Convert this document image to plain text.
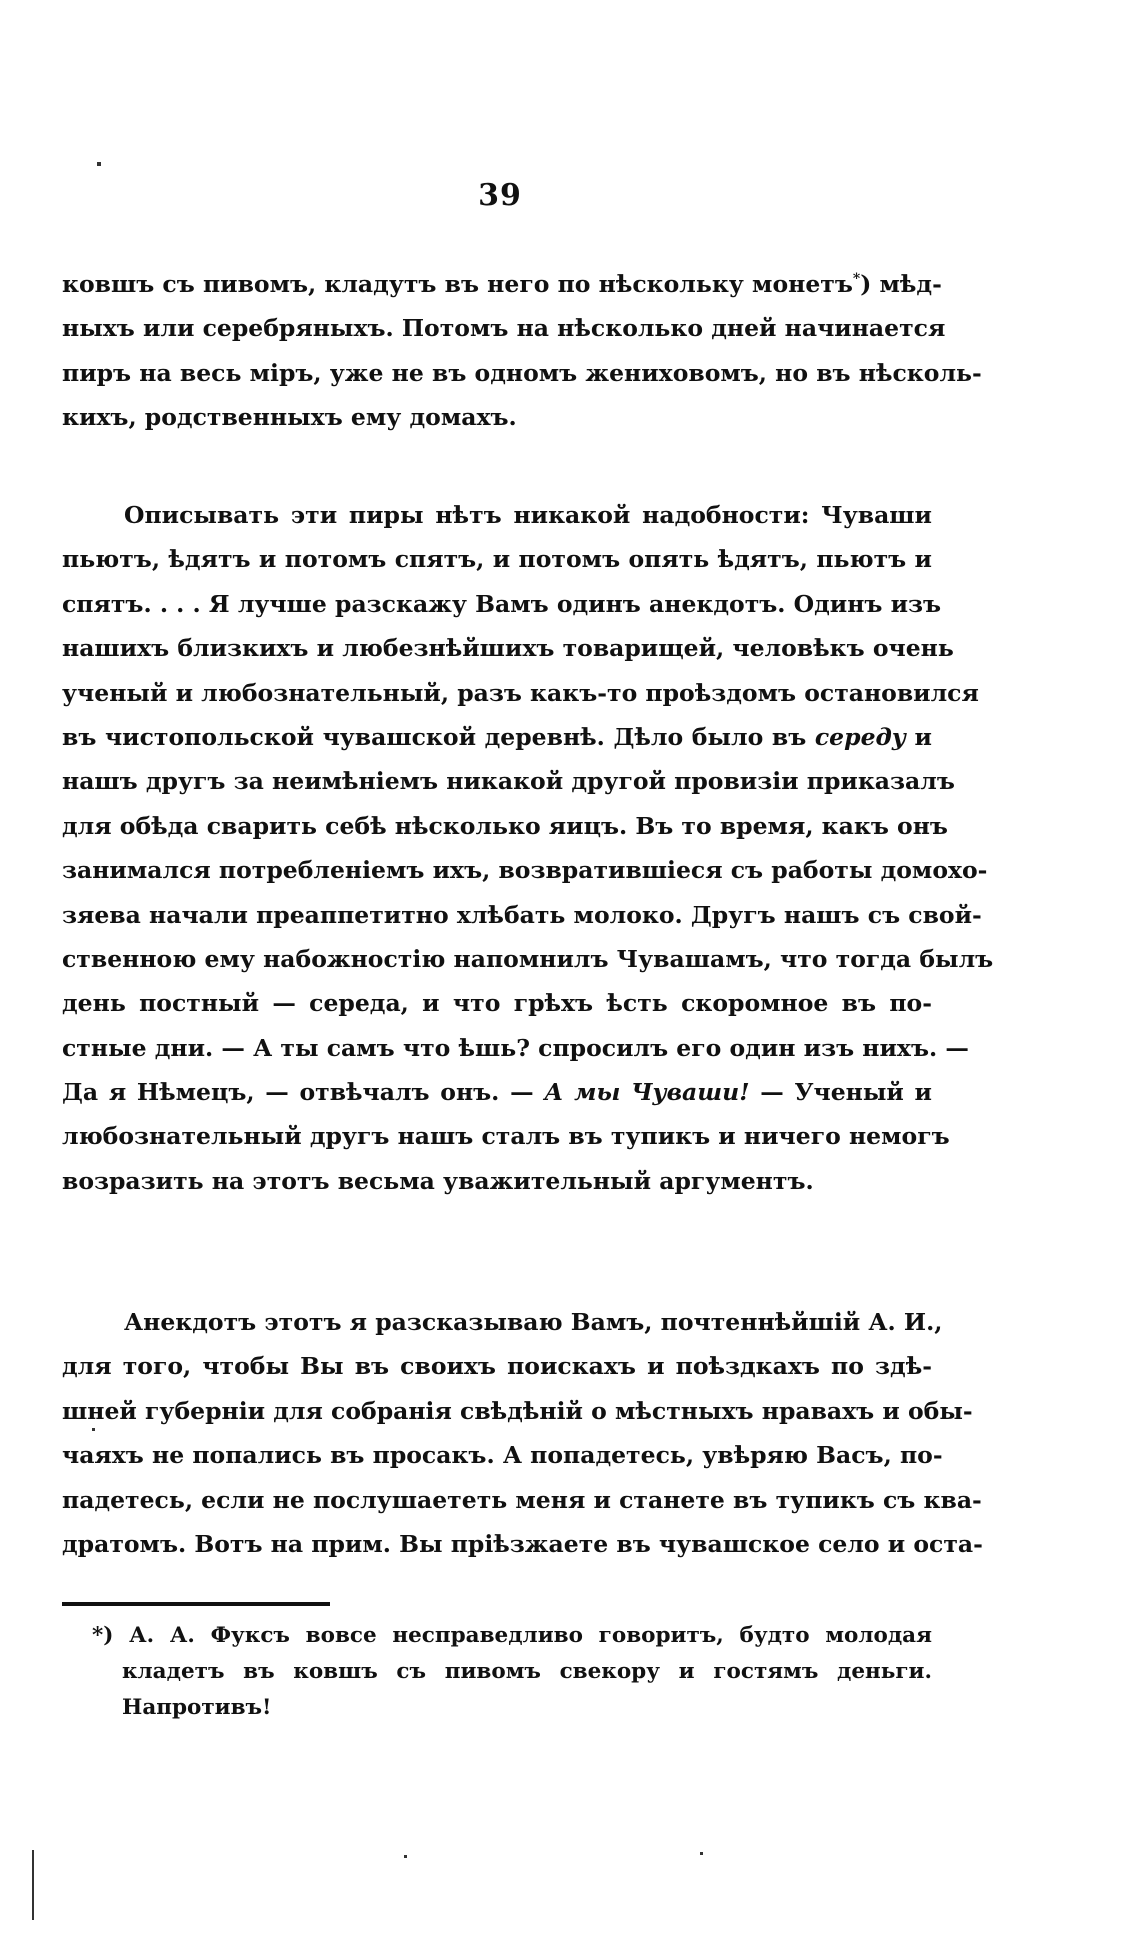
39
ковшъ съ пивомъ, кладутъ въ него по нѣскольку монетъ*) мѣд-
ныхъ или серебряныхъ. Потомъ на нѣсколько дней начинается
пиръ на весь міръ, уже не въ одномъ жениховомъ, но въ нѣсколь-
кихъ, родственныхъ ему домахъ.
Описывать эти пиры нѣтъ никакой надобности: Чуваши
пьютъ, ѣдятъ и потомъ спятъ, и потомъ опять ѣдятъ, пьютъ и
спятъ. . . . Я лучше разскажу Вамъ одинъ анекдотъ. Одинъ изъ
нашихъ близкихъ и любезнѣйшихъ товарищей, человѣкъ очень
ученый и любознательный, разъ какъ-то проѣздомъ остановился
въ чистопольской чувашской деревнѣ. Дѣло было въ середу и
нашъ другъ за неимѣніемъ никакой другой провизіи приказалъ
для обѣда сварить себѣ нѣсколько яицъ. Въ то время, какъ онъ
занимался потребленіемъ ихъ, возвратившіеся съ работы домохо-
зяева начали преаппетитно хлѣбать молоко. Другъ нашъ съ свой-
ственною ему набожностію напомнилъ Чувашамъ, что тогда былъ
день постный — середа, и что грѣхъ ѣсть скоромное въ по-
стные дни. — А ты самъ что ѣшь? спросилъ его один изъ нихъ. —
Да я Нѣмецъ, — отвѣчалъ онъ. — А мы Чуваши! — Ученый и
любознательный другъ нашъ сталъ въ тупикъ и ничего немогъ
возразить на этотъ весьма уважительный аргументъ.
Анекдотъ этотъ я разсказываю Вамъ, почтеннѣйшій А. И.,
для того, чтобы Вы въ своихъ поискахъ и поѣздкахъ по здѣ-
шней губерніи для собранія свѣдѣній о мѣстныхъ нравахъ и обы-
чаяхъ не попались въ просакъ. А попадетесь, увѣряю Васъ, по-
падетесь, если не послушаететь меня и станете въ тупикъ съ ква-
дратомъ. Вотъ на прим. Вы пріѣзжаете въ чувашское село и оста-
*) А. А. Фуксъ вовсе несправедливо говоритъ, будто молодая
кладетъ въ ковшъ съ пивомъ свекору и гостямъ деньги.
Напротивъ!
